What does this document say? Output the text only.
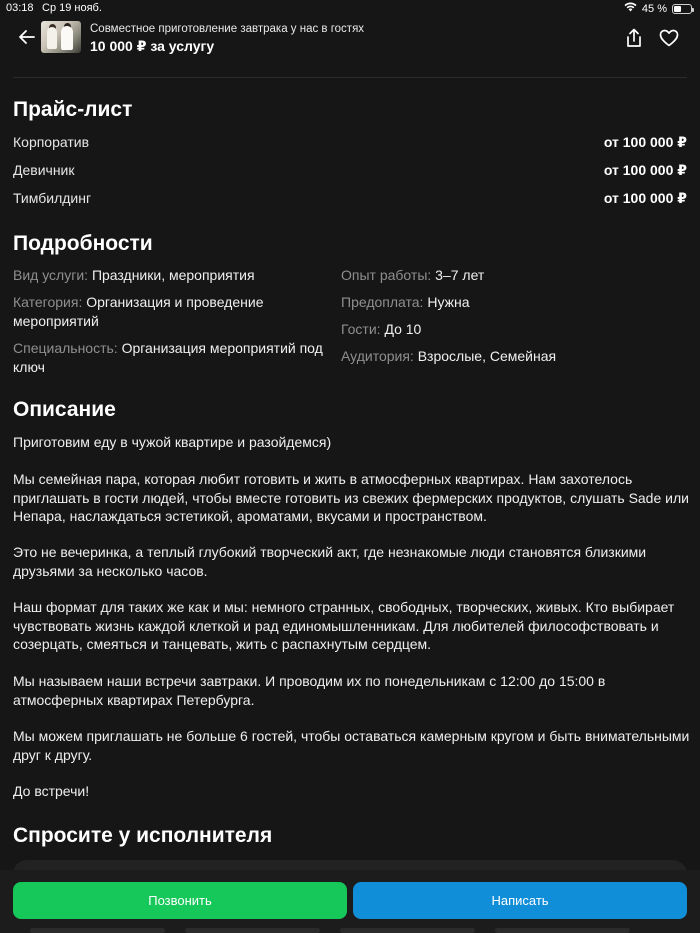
03:18 Ср 19 нояб.	45 %
Совместное приготовление завтрака у нас в гостях
10 000 ₽ за услугу
Прайс-лист
Корпоратив	от 100 000 ₽
Девичник	от 100 000 ₽
Тимбилдинг	от 100 000 ₽
Подробности
Вид услуги: Праздники, мероприятия
Категория: Организация и проведение мероприятий
Специальность: Организация мероприятий под ключ
Опыт работы: 3–7 лет
Предоплата: Нужна
Гости: До 10
Аудитория: Взрослые, Семейная
Описание
Приготовим еду в чужой квартире и разойдемся)
Мы семейная пара, которая любит готовить и жить в атмосферных квартирах. Нам захотелось приглашать в гости людей, чтобы вместе готовить из свежих фермерских продуктов, слушать Sade или Непара, наслаждаться эстетикой, ароматами, вкусами и пространством.
Это не вечеринка, а теплый глубокий творческий акт, где незнакомые люди становятся близкими друзьями за несколько часов.
Наш формат для таких же как и мы: немного странных, свободных, творческих, живых. Кто выбирает чувствовать жизнь каждой клеткой и рад единомышленникам. Для любителей философствовать и созерцать, смеяться и танцевать, жить с распахнутым сердцем.
Мы называем наши встречи завтраки. И проводим их по понедельникам с 12:00 до 15:00 в атмосферных квартирах Петербурга.
Мы можем приглашать не больше 6 гостей, чтобы оставаться камерным кругом и быть внимательными друг к другу.
До встречи!
Спросите у исполнителя
Позвонить	Написать
